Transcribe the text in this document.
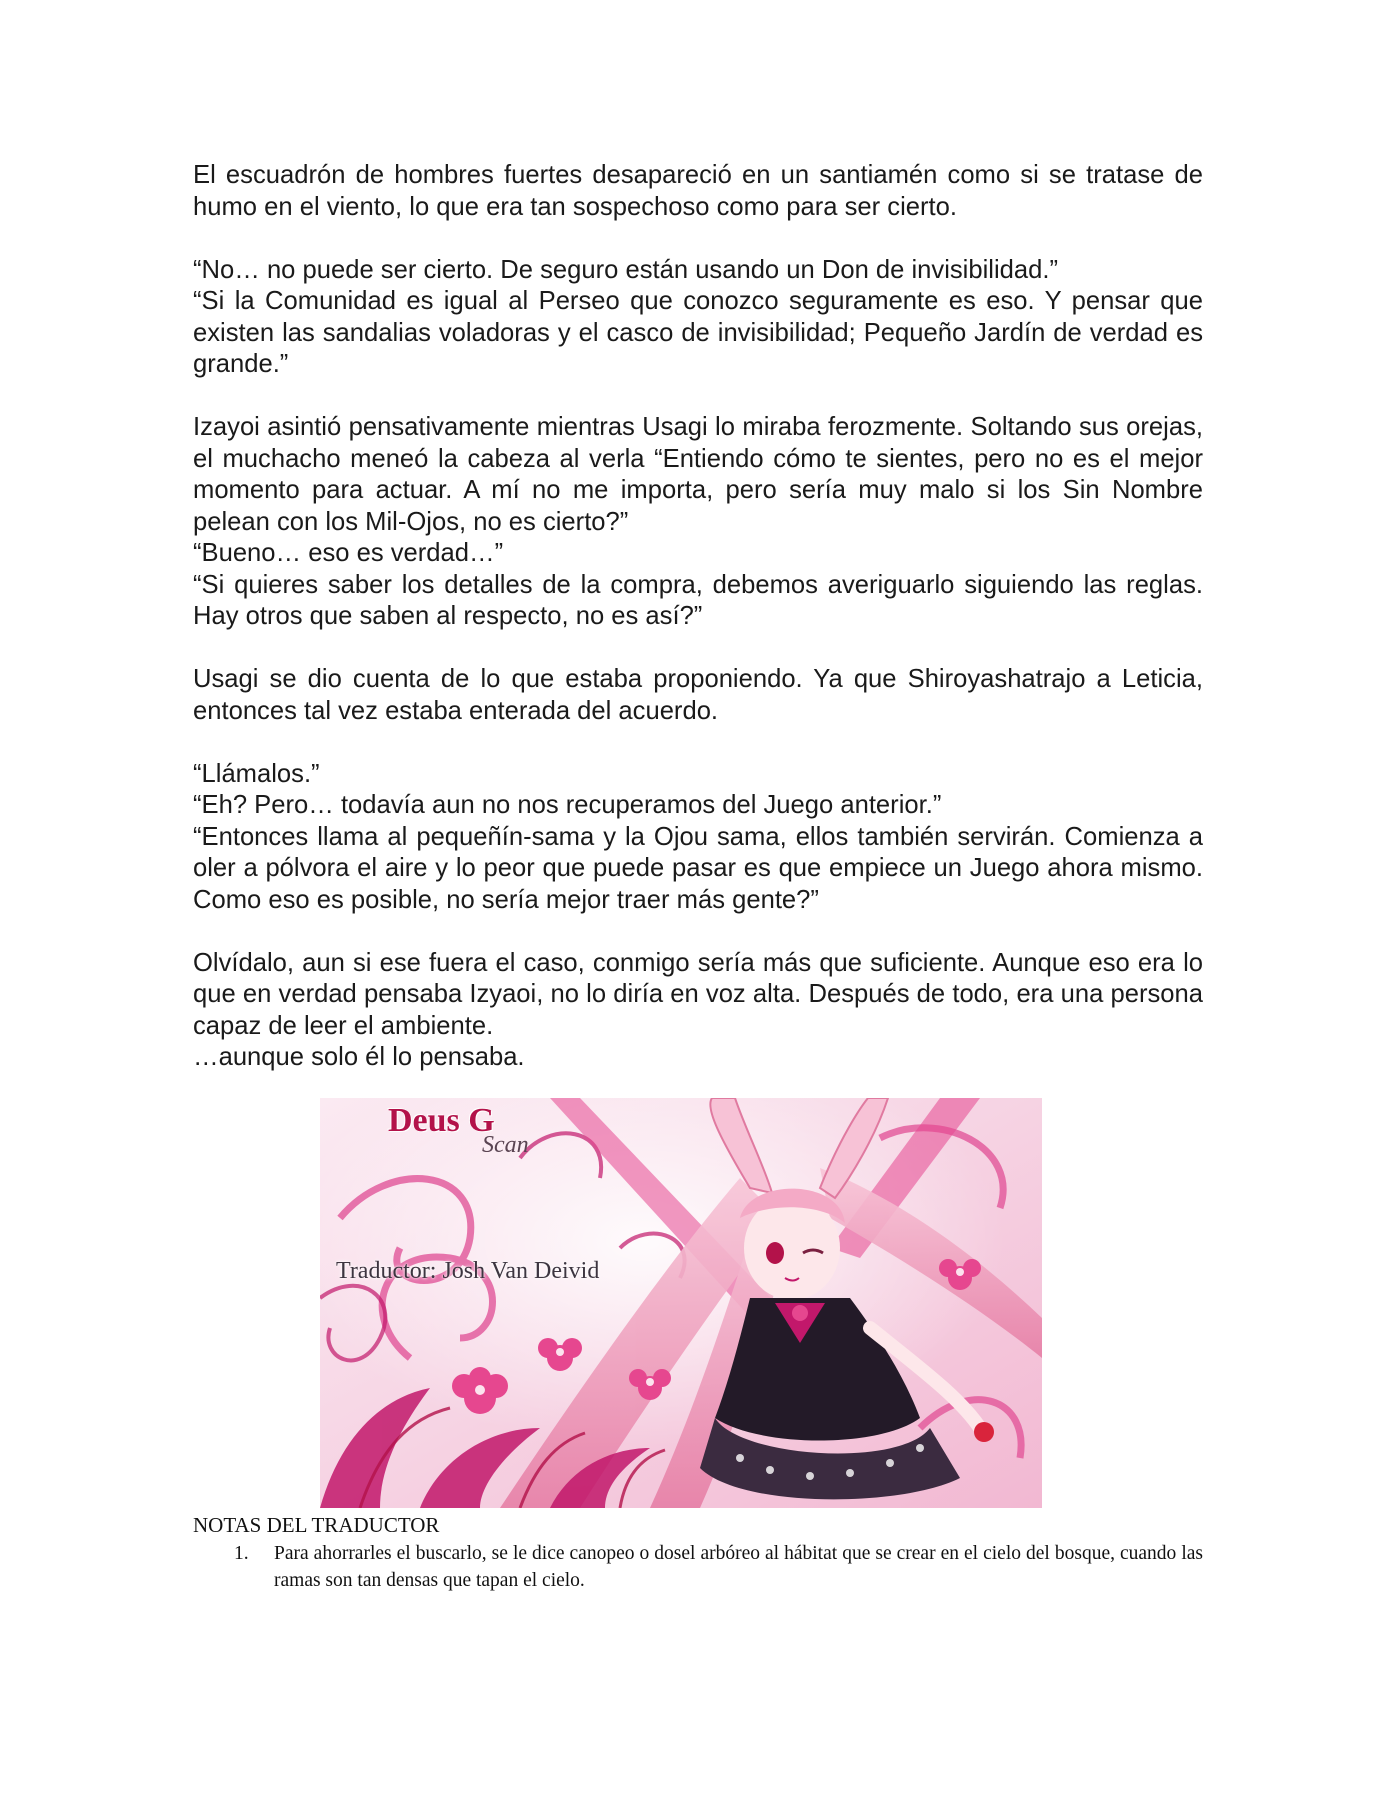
El escuadrón de hombres fuertes desapareció en un santiamén como si se tratase de humo en el viento, lo que era tan sospechoso como para ser cierto.

“No… no puede ser cierto. De seguro están usando un Don de invisibilidad.”

“Si la Comunidad es igual al Perseo que conozco seguramente es eso. Y pensar que existen las sandalias voladoras y el casco de invisibilidad; Pequeño Jardín de verdad es grande.”

Izayoi asintió pensativamente mientras Usagi lo miraba ferozmente. Soltando sus orejas, el muchacho meneó la cabeza al verla “Entiendo cómo te sientes, pero no es el mejor momento para actuar. A mí no me importa, pero sería muy malo si los Sin Nombre pelean con los Mil-Ojos, no es cierto?”

“Bueno… eso es verdad…”

“Si quieres saber los detalles de la compra, debemos averiguarlo siguiendo las reglas. Hay otros que saben al respecto, no es así?”

Usagi se dio cuenta de lo que estaba proponiendo. Ya que Shiroyashatrajo a Leticia, entonces tal vez estaba enterada del acuerdo.

“Llámalos.”

“Eh? Pero… todavía aun no nos recuperamos del Juego anterior.”

“Entonces llama al pequeñín-sama y la Ojou sama, ellos también servirán. Comienza a oler a pólvora el aire y lo peor que puede pasar es que empiece un Juego ahora mismo. Como eso es posible, no sería mejor traer más gente?”

Olvídalo, aun si ese fuera el caso, conmigo sería más que suficiente. Aunque eso era lo que en verdad pensaba Izyaoi, no lo diría en voz alta. Después de todo, era una persona capaz de leer el ambiente.

…aunque solo él lo pensaba.

Deus G
Scan
Traductor: Josh Van Deivid

NOTAS DEL TRADUCTOR

1.	Para ahorrarles el buscarlo, se le dice canopeo o dosel arbóreo al hábitat que se crear en el cielo del bosque, cuando las ramas son tan densas que tapan el cielo.
